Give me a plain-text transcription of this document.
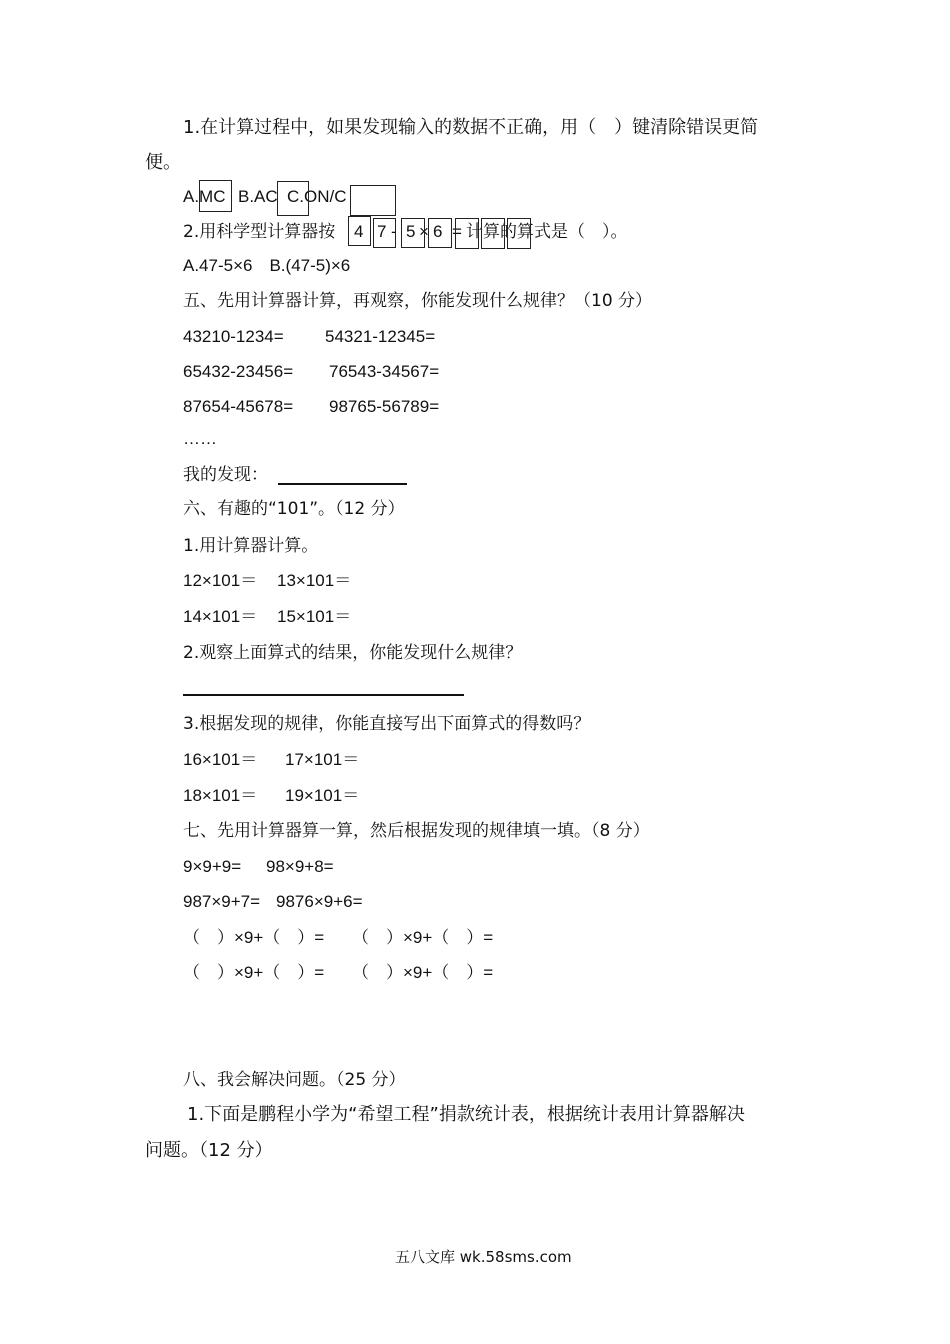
1.在计算过程中，如果发现输入的数据不正确，用（　）键清除错误更简
便。
A.MC B.AC C.ON/C
2.用科学型计算器按 4 7 - 5 × 6 = 计算的算式是（　）。
A.47-5×6　B.(47-5)×6
五、先用计算器计算，再观察，你能发现什么规律？（10 分）
43210-1234= 54321-12345=
65432-23456= 76543-34567=
87654-45678= 98765-56789=
……
我的发现：
六、有趣的“101”。（12 分）
1.用计算器计算。
12×101＝ 13×101＝
14×101＝ 15×101＝
2.观察上面算式的结果，你能发现什么规律？
3.根据发现的规律，你能直接写出下面算式的得数吗？
16×101＝ 17×101＝
18×101＝ 19×101＝
七、先用计算器算一算，然后根据发现的规律填一填。（8 分）
9×9+9= 98×9+8=
987×9+7= 9876×9+6=
（　）×9+（　）= （　）×9+（　）=
（　）×9+（　）= （　）×9+（　）=
八、我会解决问题。（25 分）
1.下面是鹏程小学为“希望工程”捐款统计表，根据统计表用计算器解决
问题。（12 分）
五八文库 wk.58sms.com
